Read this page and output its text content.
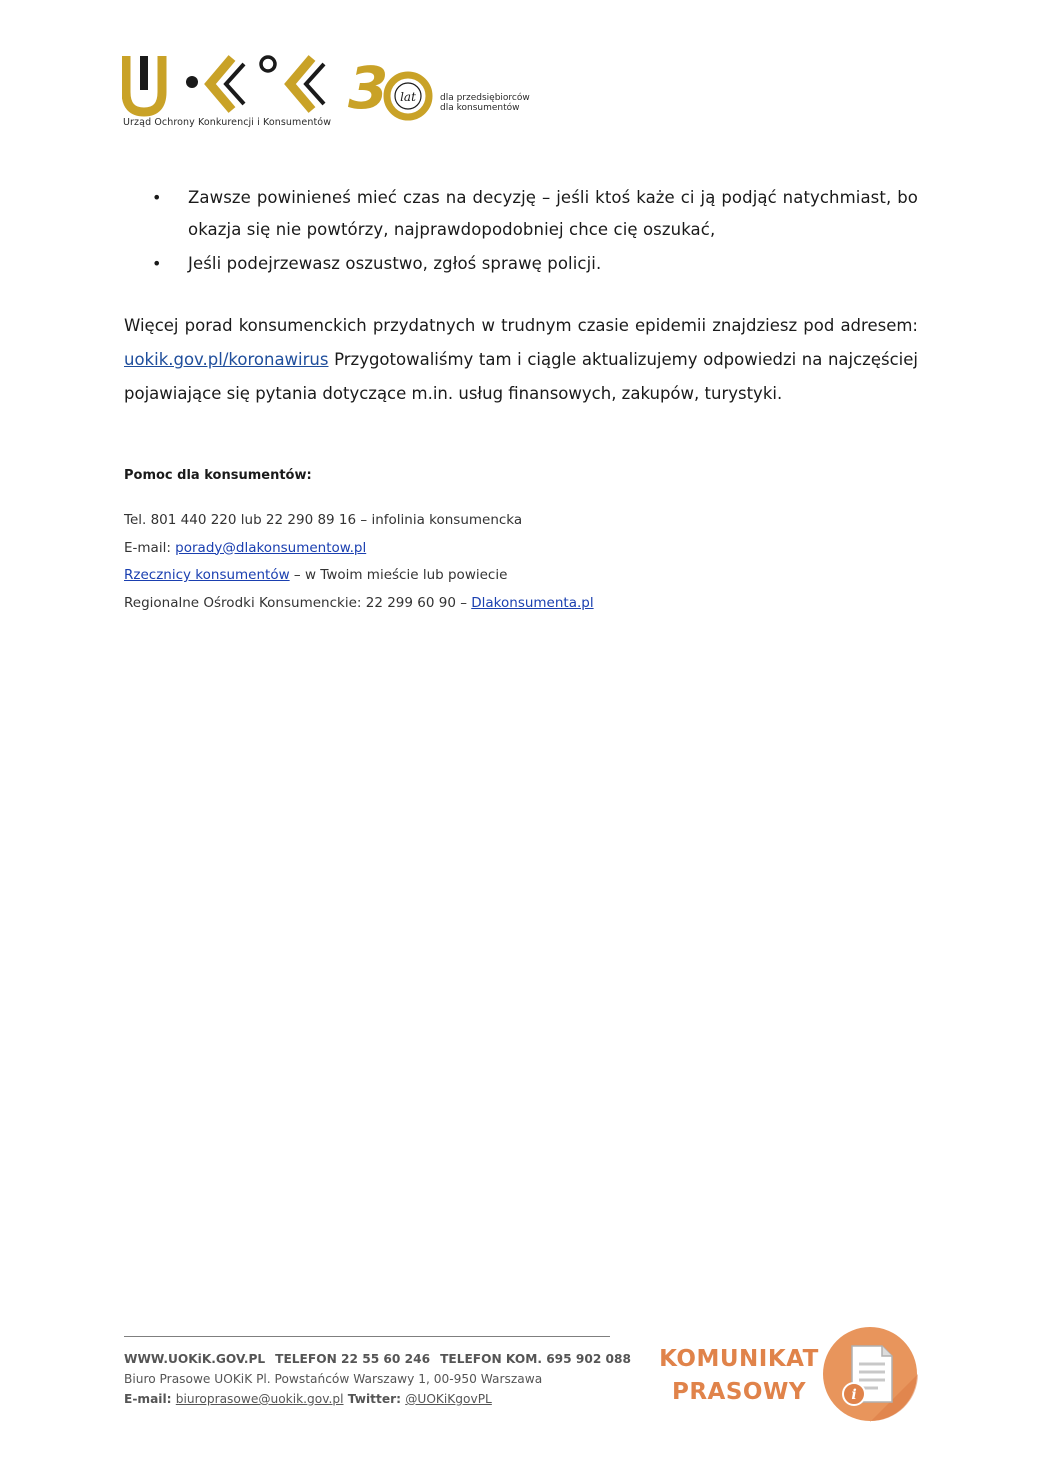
3 lat
Urząd Ochrony Konkurencji i Konsumentów
dla przedsiębiorców
dla konsumentów
• Zawsze powinieneś mieć czas na decyzję – jeśli ktoś każe ci ją podjąć natychmiast, bo okazja się nie powtórzy, najprawdopodobniej chce cię oszukać,
• Jeśli podejrzewasz oszustwo, zgłoś sprawę policji.

Więcej porad konsumenckich przydatnych w trudnym czasie epidemii znajdziesz pod adresem: uokik.gov.pl/koronawirus Przygotowaliśmy tam i ciągle aktualizujemy odpowiedzi na najczęściej pojawiające się pytania dotyczące m.in. usług finansowych, zakupów, turystyki.

Pomoc dla konsumentów:
Tel. 801 440 220 lub 22 290 89 16 – infolinia konsumencka
E-mail: porady@dlakonsumentow.pl
Rzecznicy konsumentów – w Twoim mieście lub powiecie
Regionalne Ośrodki Konsumenckie: 22 299 60 90 – Dlakonsumenta.pl
WWW.UOKiK.GOV.PL TELEFON 22 55 60 246 TELEFON KOM. 695 902 088
Biuro Prasowe UOKiK Pl. Powstańców Warszawy 1, 00-950 Warszawa
E-mail: biuroprasowe@uokik.gov.pl Twitter: @UOKiKgovPL
KOMUNIKAT
PRASOWY	i
